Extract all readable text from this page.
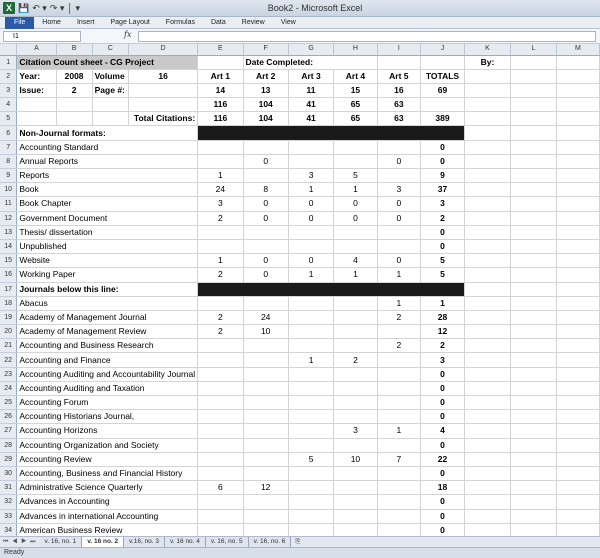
X 💾 ↶ ▾ ↷ ▾ │ ▾	Book2 - Microsoft Excel
File	Home	Insert	Page Layout	Formulas	Data	Review	View
I1	fx
	A	B	C	D	E	F	G	H	I	J	K	L	M
1	Citation Count sheet - CG Project					Date Completed:					By:		
2	Year:	2008	Volume	16	Art 1	Art 2	Art 3	Art 4	Art 5	TOTALS			
3	Issue:	2	Page #:		14	13	11	15	16	69			
4					116	104	41	65	63				
5				Total Citations:	116	104	41	65	63	389			
6	Non-Journal formats:												
7	Accounting Standard									0			
8	Annual Reports					0			0	0			
9	Reports				1		3	5		9			
10	Book				24	8	1	1	3	37			
11	Book Chapter				3	0	0	0	0	3			
12	Government Document				2	0	0	0	0	2			
13	Thesis/ dissertation									0			
14	Unpublished									0			
15	Website				1	0	0	4	0	5			
16	Working Paper				2	0	1	1	1	5			
17	Journals below this line:												
18	Abacus								1	1			
19	Academy of Management Journal				2	24			2	28			
20	Academy of Management Review				2	10				12			
21	Accounting and Business Research								2	2			
22	Accounting and Finance						1	2		3			
23	Accounting Auditing and Accountability Journal									0			
24	Accounting Auditing and Taxation									0			
25	Accounting Forum									0			
26	Accounting Historians Journal,									0			
27	Accounting Horizons							3	1	4			
28	Accounting Organization and Society									0			
29	Accounting Review						5	10	7	22			
30	Accounting, Business and Financial History									0			
31	Administrative Science Quarterly				6	12				18			
32	Advances in Accounting									0			
33	Advances in international Accounting									0			
34	American Business Review									0			
⏮ ◀ ▶ ⏭	v. 16, no. 1	v. 16 no. 2	v.16, no. 3	v. 16 no. 4	v. 16, no. 5	v. 16, no. 6	⎘
Ready
